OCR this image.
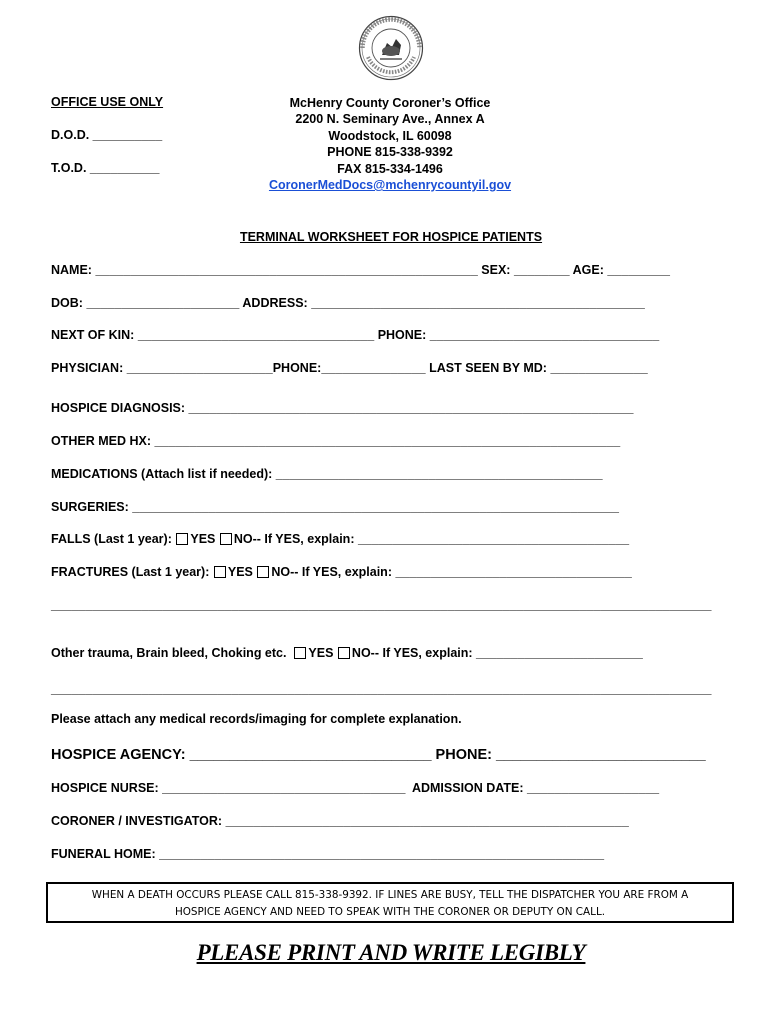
OFFICE USE ONLY
D.O.D. __________
T.O.D. __________
McHenry County Coroner’s Office
2200 N. Seminary Ave., Annex A
Woodstock, IL 60098
PHONE 815-338-9392
FAX 815-334-1496
CoronerMedDocs@mchenrycountyil.gov
TERMINAL WORKSHEET FOR HOSPICE PATIENTS
NAME: _______________________________________________________ SEX: ________ AGE: _________
DOB: ______________________ ADDRESS: ________________________________________________
NEXT OF KIN: __________________________________ PHONE: _________________________________
PHYSICIAN: _____________________PHONE:_______________ LAST SEEN BY MD: ______________
HOSPICE DIAGNOSIS: ________________________________________________________________
OTHER MED HX: ___________________________________________________________________
MEDICATIONS (Attach list if needed): _______________________________________________
SURGERIES: ______________________________________________________________________
FALLS (Last 1 year): YES NO-- If YES, explain: _______________________________________
FRACTURES (Last 1 year): YES NO-- If YES, explain: __________________________________
_______________________________________________________________________________________________
Other trauma, Brain bleed, Choking etc. YES NO-- If YES, explain: ________________________
_______________________________________________________________________________________________
Please attach any medical records/imaging for complete explanation.
HOSPICE AGENCY: ______________________________ PHONE: __________________________
HOSPICE NURSE: ___________________________________ ADMISSION DATE: ___________________
CORONER / INVESTIGATOR: __________________________________________________________
FUNERAL HOME: ________________________________________________________________
WHEN A DEATH OCCURS PLEASE CALL 815-338-9392. IF LINES ARE BUSY, TELL THE DISPATCHER YOU ARE FROM A
HOSPICE AGENCY AND NEED TO SPEAK WITH THE CORONER OR DEPUTY ON CALL.
PLEASE PRINT AND WRITE LEGIBLY
